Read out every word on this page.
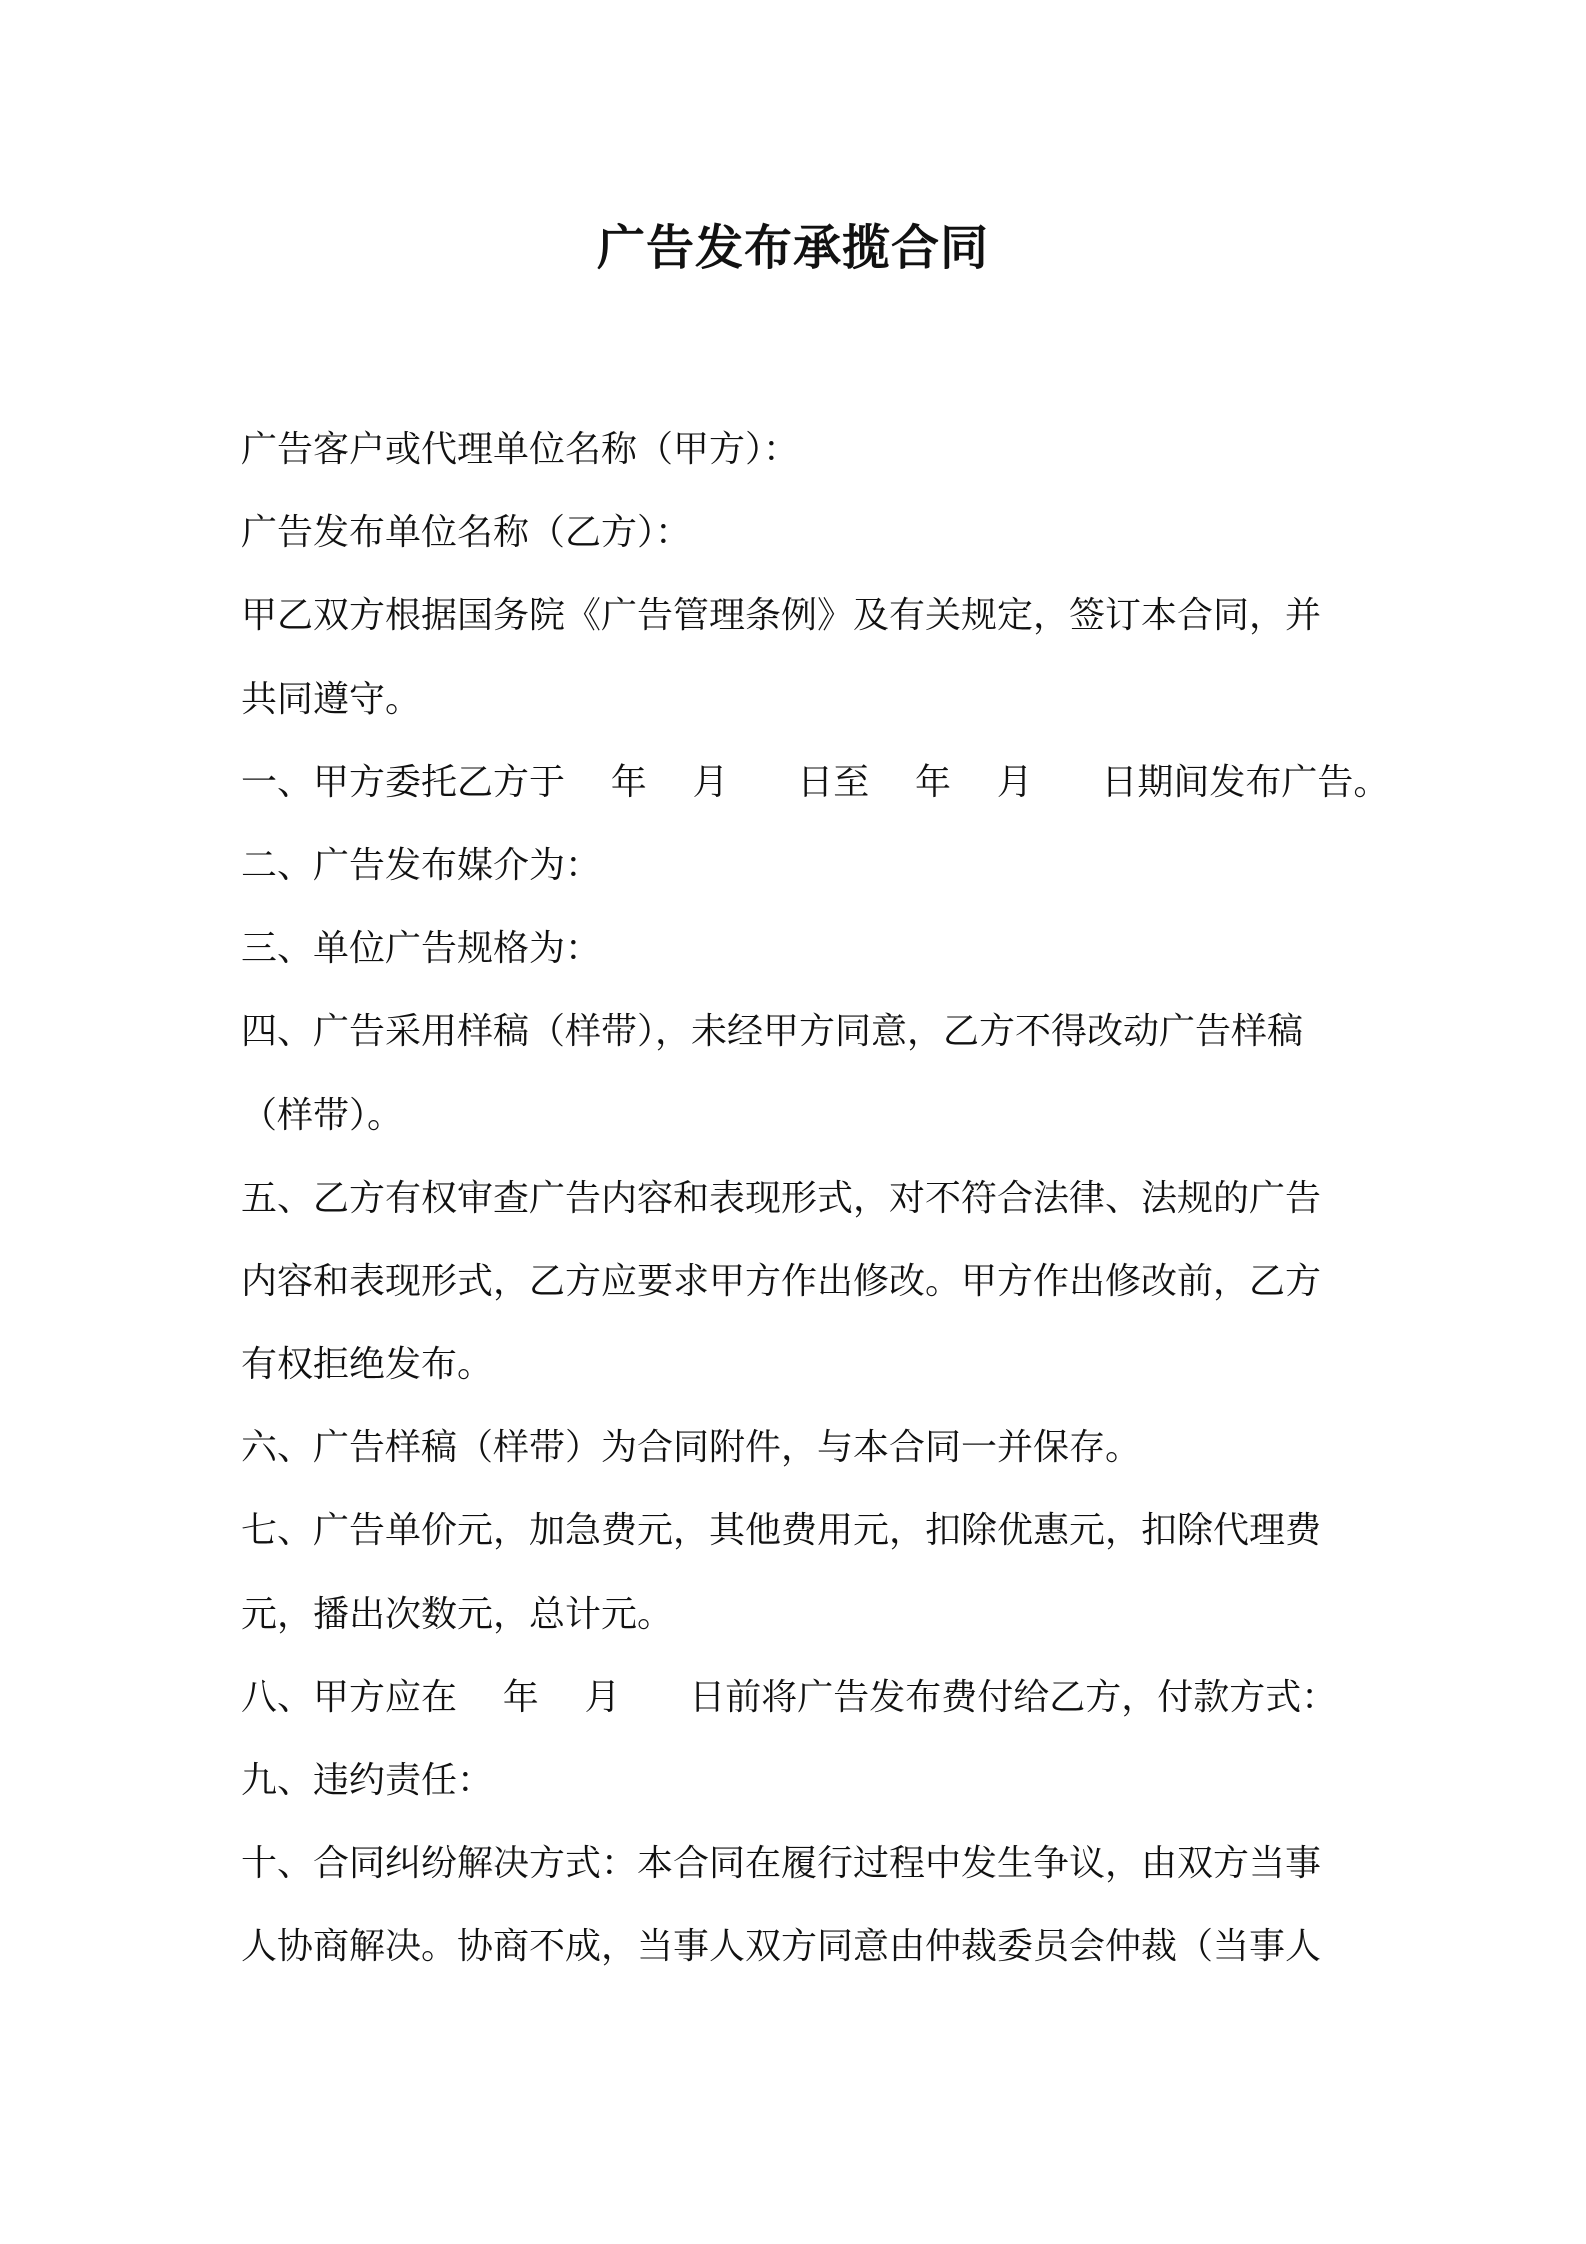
广告发布承揽合同
广告客户或代理单位名称（甲方）：
广告发布单位名称（乙方）：
甲乙双方根据国务院《广告管理条例》及有关规定，签订本合同，并
共同遵守。
一、甲方委托乙方于    年    月      日至    年    月      日期间发布广告。
二、广告发布媒介为：
三、单位广告规格为：
四、广告采用样稿（样带），未经甲方同意，乙方不得改动广告样稿
（样带）。
五、乙方有权审查广告内容和表现形式，对不符合法律、法规的广告
内容和表现形式，乙方应要求甲方作出修改。甲方作出修改前，乙方
有权拒绝发布。
六、广告样稿（样带）为合同附件，与本合同一并保存。
七、广告单价元，加急费元，其他费用元，扣除优惠元，扣除代理费
元，播出次数元，总计元。
八、甲方应在    年    月      日前将广告发布费付给乙方，付款方式：
九、违约责任：
十、合同纠纷解决方式：本合同在履行过程中发生争议，由双方当事
人协商解决。协商不成，当事人双方同意由仲裁委员会仲裁（当事人
